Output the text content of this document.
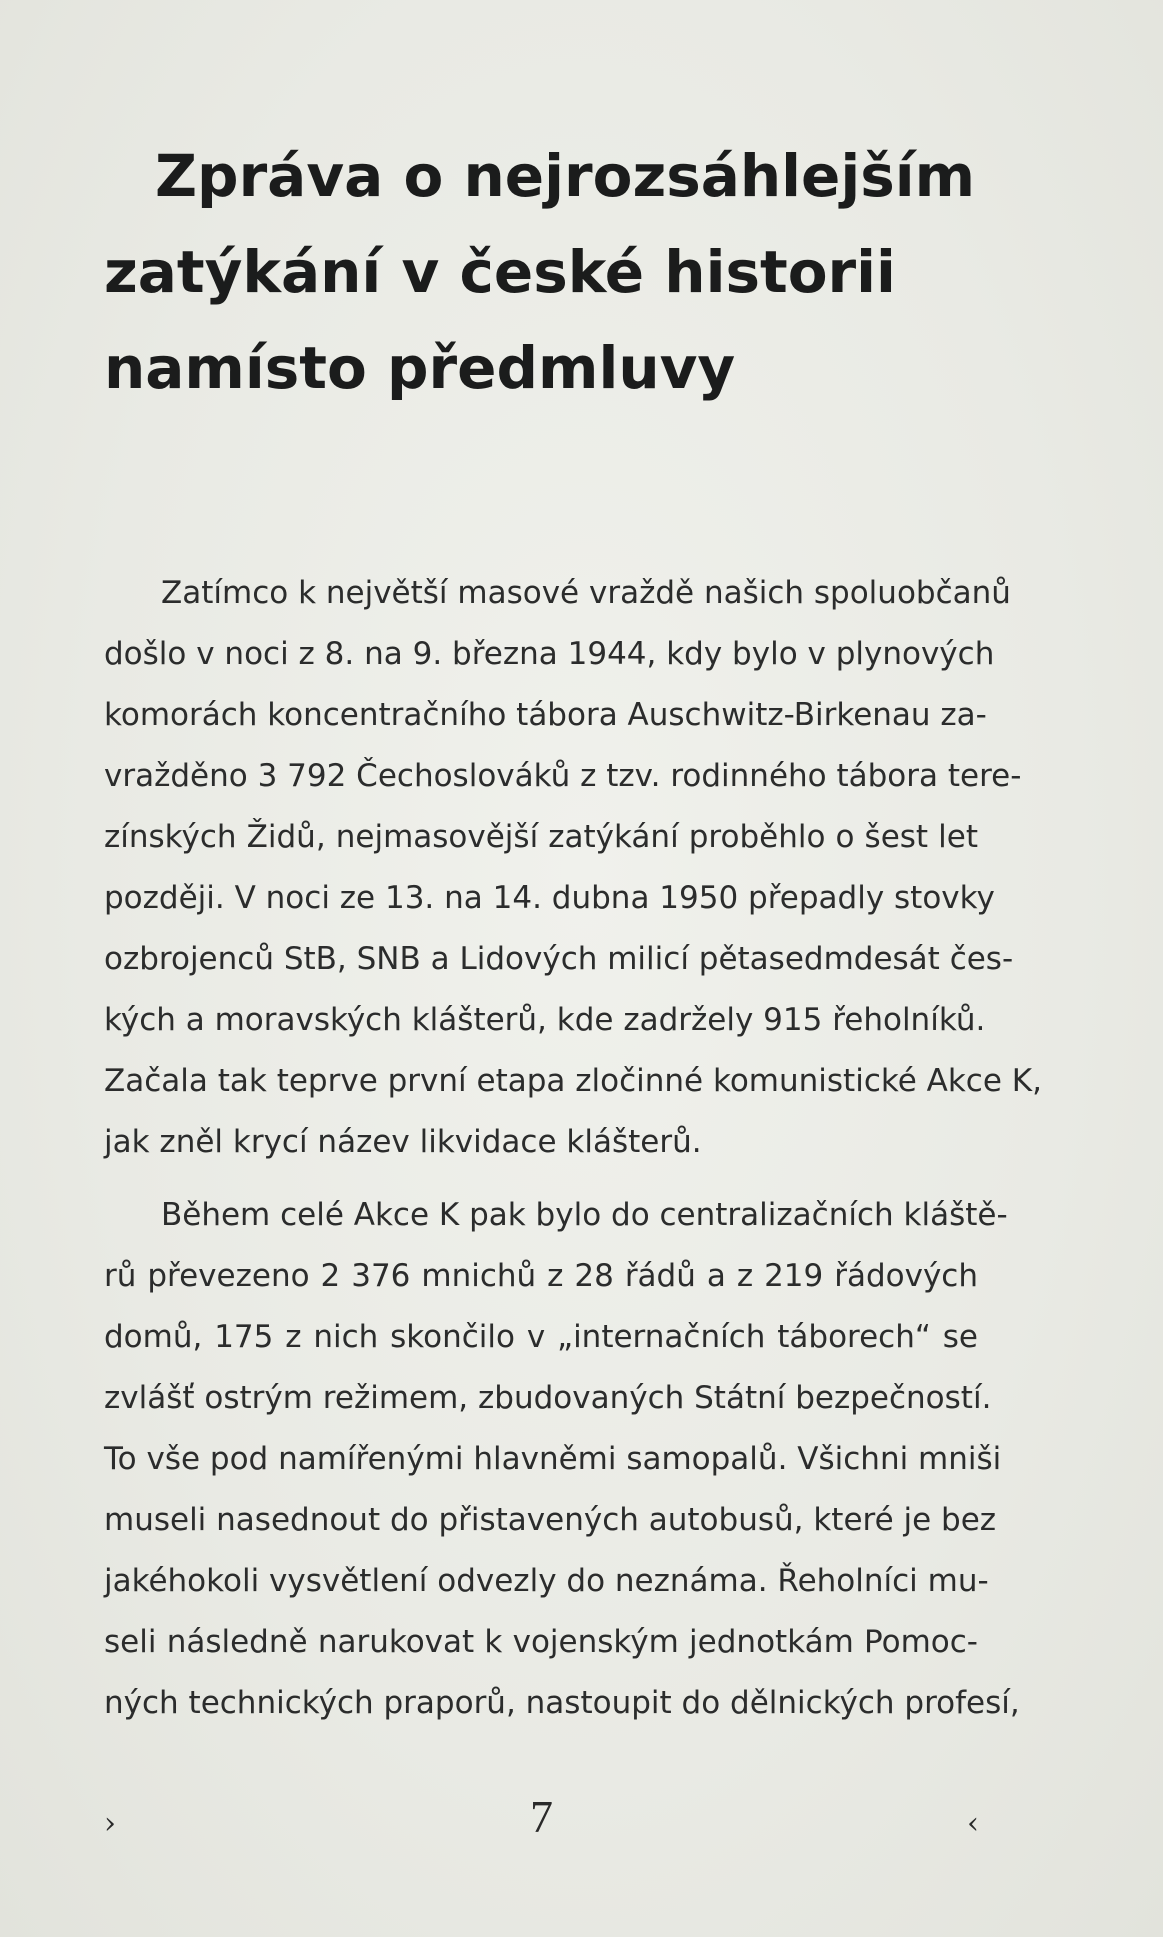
Zpráva o nejrozsáhlejším
zatýkání v české historii
namísto předmluvy
Zatímco k největší masové vraždě našich spoluobčanů
došlo v noci z 8. na 9. března 1944, kdy bylo v plynových
komorách koncentračního tábora Auschwitz-Birkenau za-
vražděno 3 792 Čechoslováků z tzv. rodinného tábora tere-
zínských Židů, nejmasovější zatýkání proběhlo o šest let
později. V noci ze 13. na 14. dubna 1950 přepadly stovky
ozbrojenců StB, SNB a Lidových milicí pětasedmdesát čes-
kých a moravských klášterů, kde zadržely 915 řeholníků.
Začala tak teprve první etapa zločinné komunistické Akce K,
jak zněl krycí název likvidace klášterů.
Během celé Akce K pak bylo do centralizačních kláště-
rů převezeno 2 376 mnichů z 28 řádů a z 219 řádových
domů, 175 z nich skončilo v „internačních táborech“ se
zvlášť ostrým režimem, zbudovaných Státní bezpečností.
To vše pod namířenými hlavněmi samopalů. Všichni mniši
museli nasednout do přistavených autobusů, které je bez
jakéhokoli vysvětlení odvezly do neznáma. Řeholníci mu-
seli následně narukovat k vojenským jednotkám Pomoc-
ných technických praporů, nastoupit do dělnických profesí,
›	7	‹
